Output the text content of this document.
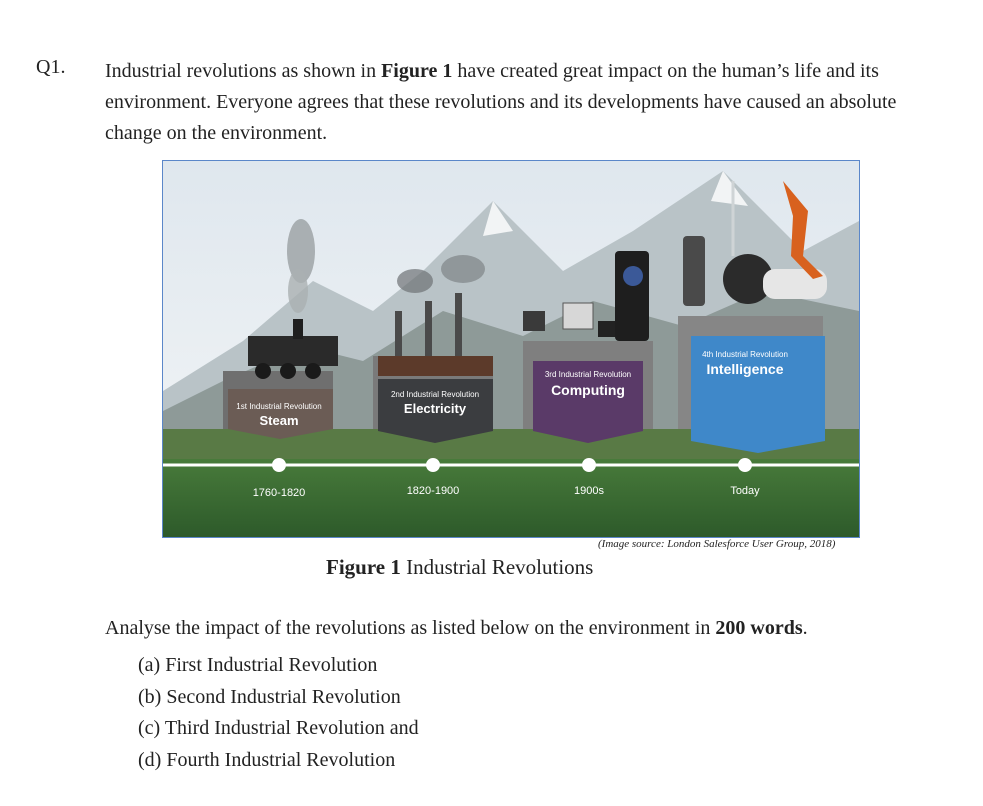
Q1. Industrial revolutions as shown in Figure 1 have created great impact on the human’s life and its environment. Everyone agrees that these revolutions and its developments have caused an absolute change on the environment.
1st Industrial Revolution
Steam
2nd Industrial Revolution
Electricity
3rd Industrial Revolution
Computing
4th Industrial Revolution
Intelligence
1760-1820	1820-1900	1900s	Today
(Image source: London Salesforce User Group, 2018)
Figure 1 Industrial Revolutions
Analyse the impact of the revolutions as listed below on the environment in 200 words.
(a) First Industrial Revolution
(b) Second Industrial Revolution
(c) Third Industrial Revolution and
(d) Fourth Industrial Revolution
